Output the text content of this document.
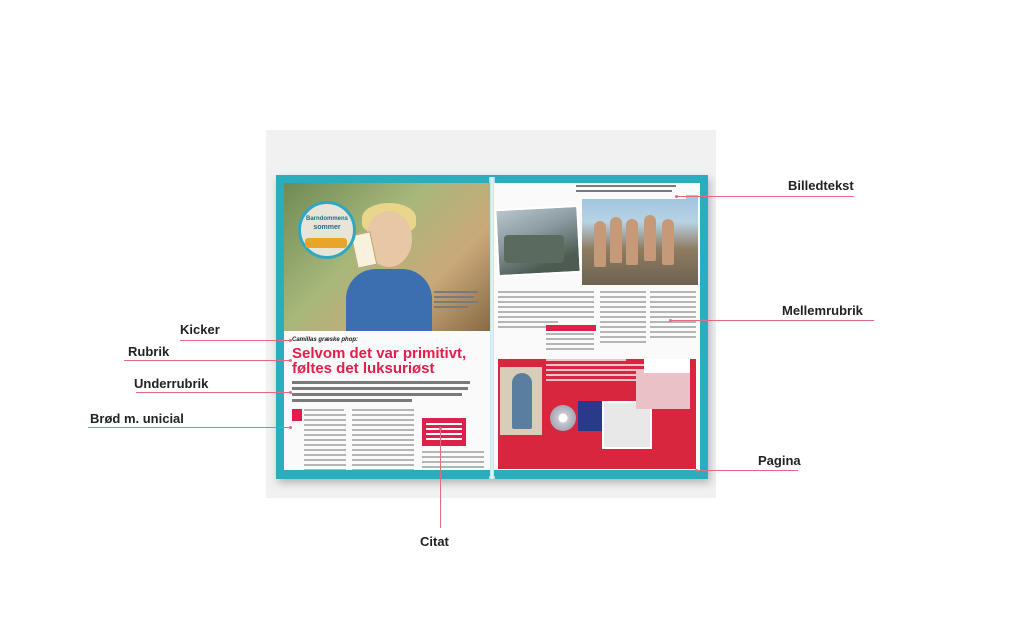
Barndommens
sommer
Camillas græske phop:
Selvom det var primitivt,
føltes det luksuriøst
Kicker
Rubrik
Underrubrik
Brød m. unicial
Citat
Billedtekst
Mellemrubrik
Pagina
